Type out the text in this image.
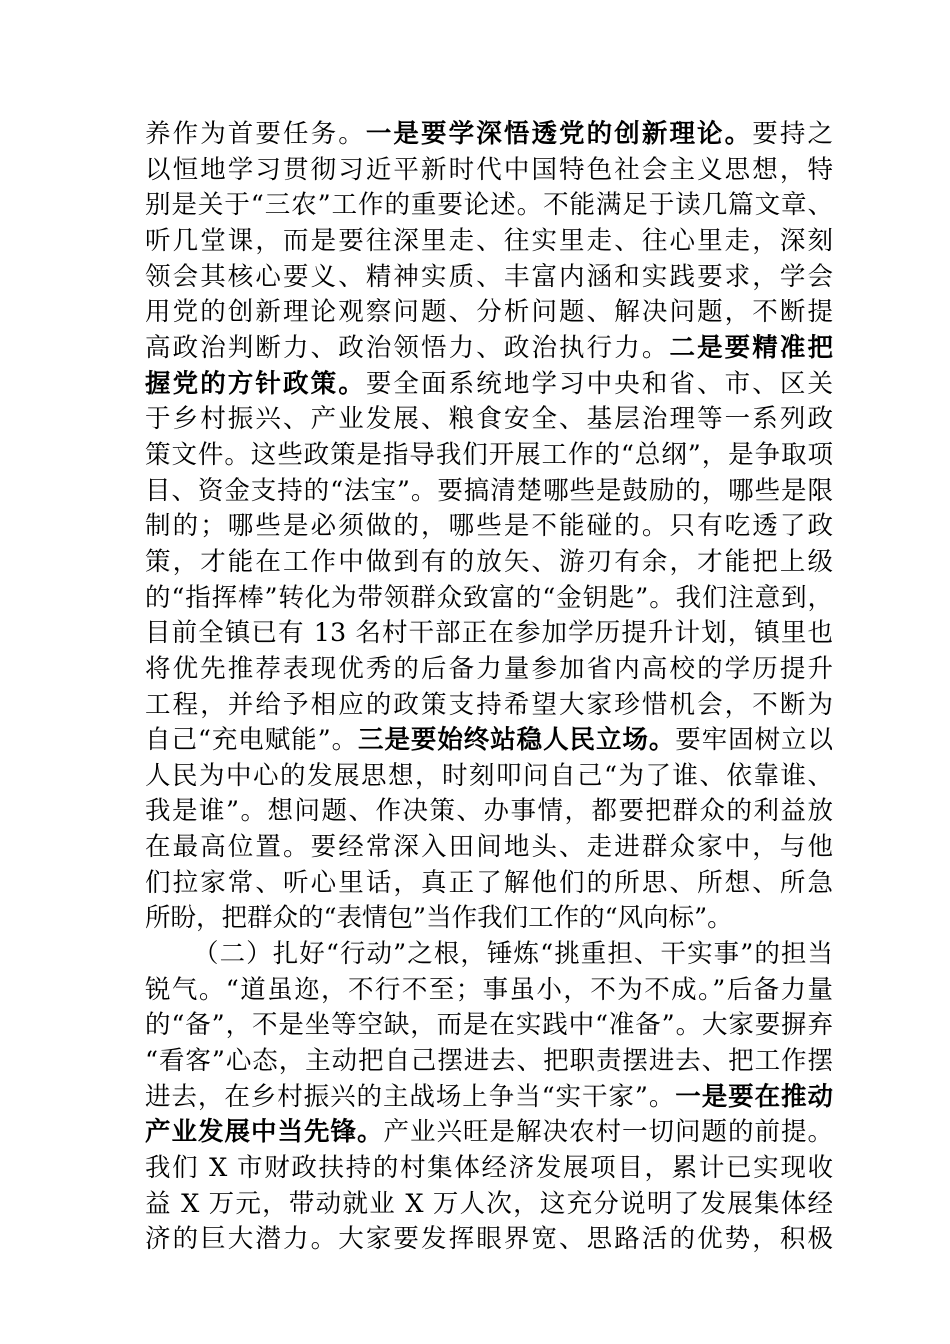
养作为首要任务。一是要学深悟透党的创新理论。要持之
以恒地学习贯彻习近平新时代中国特色社会主义思想，特
别是关于“三农”工作的重要论述。不能满足于读几篇文章、
听几堂课，而是要往深里走、往实里走、往心里走，深刻
领会其核心要义、精神实质、丰富内涵和实践要求，学会
用党的创新理论观察问题、分析问题、解决问题，不断提
高政治判断力、政治领悟力、政治执行力。二是要精准把
握党的方针政策。要全面系统地学习中央和省、市、区关
于乡村振兴、产业发展、粮食安全、基层治理等一系列政
策文件。这些政策是指导我们开展工作的“总纲”，是争取项
目、资金支持的“法宝”。要搞清楚哪些是鼓励的，哪些是限
制的；哪些是必须做的，哪些是不能碰的。只有吃透了政
策，才能在工作中做到有的放矢、游刃有余，才能把上级
的“指挥棒”转化为带领群众致富的“金钥匙”。我们注意到，
目前全镇已有 13 名村干部正在参加学历提升计划，镇里也
将优先推荐表现优秀的后备力量参加省内高校的学历提升
工程，并给予相应的政策支持希望大家珍惜机会，不断为
自己“充电赋能”。三是要始终站稳人民立场。要牢固树立以
人民为中心的发展思想，时刻叩问自己“为了谁、依靠谁、
我是谁”。想问题、作决策、办事情，都要把群众的利益放
在最高位置。要经常深入田间地头、走进群众家中，与他
们拉家常、听心里话，真正了解他们的所思、所想、所急
所盼，把群众的“表情包”当作我们工作的“风向标”。
（二）扎好“行动”之根，锤炼“挑重担、干实事”的担当
锐气。“道虽迩，不行不至；事虽小，不为不成。”后备力量
的“备”，不是坐等空缺，而是在实践中“准备”。大家要摒弃
“看客”心态，主动把自己摆进去、把职责摆进去、把工作摆
进去，在乡村振兴的主战场上争当“实干家”。一是要在推动
产业发展中当先锋。产业兴旺是解决农村一切问题的前提。
我们 X 市财政扶持的村集体经济发展项目，累计已实现收
益 X 万元，带动就业 X 万人次，这充分说明了发展集体经
济的巨大潜力。大家要发挥眼界宽、思路活的优势，积极
